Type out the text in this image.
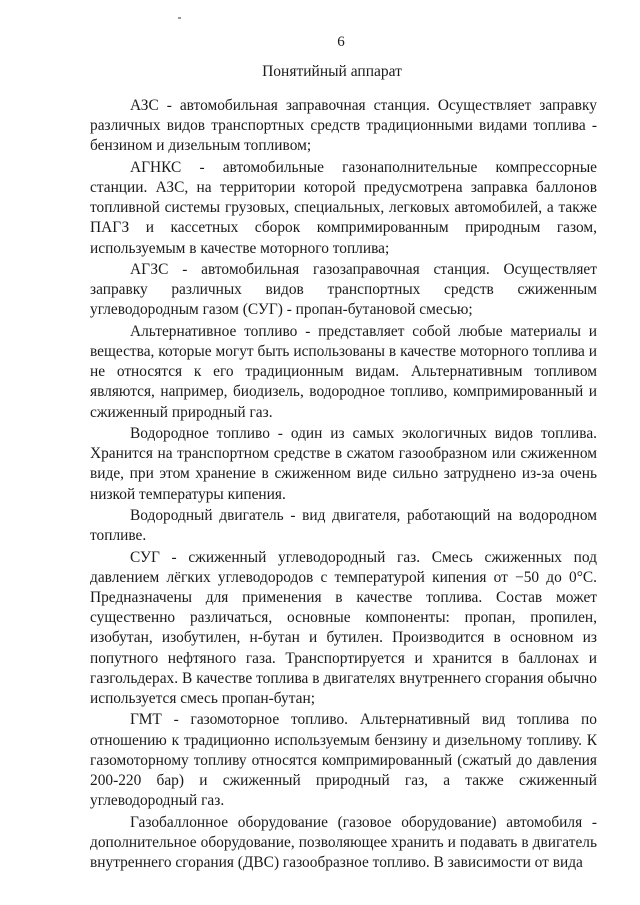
6
Понятийный аппарат

АЗС - автомобильная заправочная станция. Осуществляет заправку различных видов транспортных средств традиционными видами топлива - бензином и дизельным топливом;

АГНКС - автомобильные газонаполнительные компрессорные станции. АЗС, на территории которой предусмотрена заправка баллонов топливной системы грузовых, специальных, легковых автомобилей, а также ПАГЗ и кассетных сборок компримированным природным газом, используемым в качестве моторного топлива;

АГЗС - автомобильная газозаправочная станция. Осуществляет заправку различных видов транспортных средств сжиженным углеводородным газом (СУГ) - пропан-бутановой смесью;

Альтернативное топливо - представляет собой любые материалы и вещества, которые могут быть использованы в качестве моторного топлива и не относятся к его традиционным видам. Альтернативным топливом являются, например, биодизель, водородное топливо, компримированный и сжиженный природный газ.

Водородное топливо - один из самых экологичных видов топлива. Хранится на транспортном средстве в сжатом газообразном или сжиженном виде, при этом хранение в сжиженном виде сильно затруднено из-за очень низкой температуры кипения.

Водородный двигатель - вид двигателя, работающий на водородном топливе.

СУГ - сжиженный углеводородный газ. Смесь сжиженных под давлением лёгких углеводородов с температурой кипения от −50 до 0°С. Предназначены для применения в качестве топлива. Состав может существенно различаться, основные компоненты: пропан, пропилен, изобутан, изобутилен, н-бутан и бутилен. Производится в основном из попутного нефтяного газа. Транспортируется и хранится в баллонах и газгольдерах. В качестве топлива в двигателях внутреннего сгорания обычно используется смесь пропан-бутан;

ГМТ - газомоторное топливо. Альтернативный вид топлива по отношению к традиционно используемым бензину и дизельному топливу. К газомоторному топливу относятся компримированный (сжатый до давления 200-220 бар) и сжиженный природный газ, а также сжиженный углеводородный газ.

Газобаллонное оборудование (газовое оборудование) автомобиля - дополнительное оборудование, позволяющее хранить и подавать в двигатель внутреннего сгорания (ДВС) газообразное топливо. В зависимости от вида
